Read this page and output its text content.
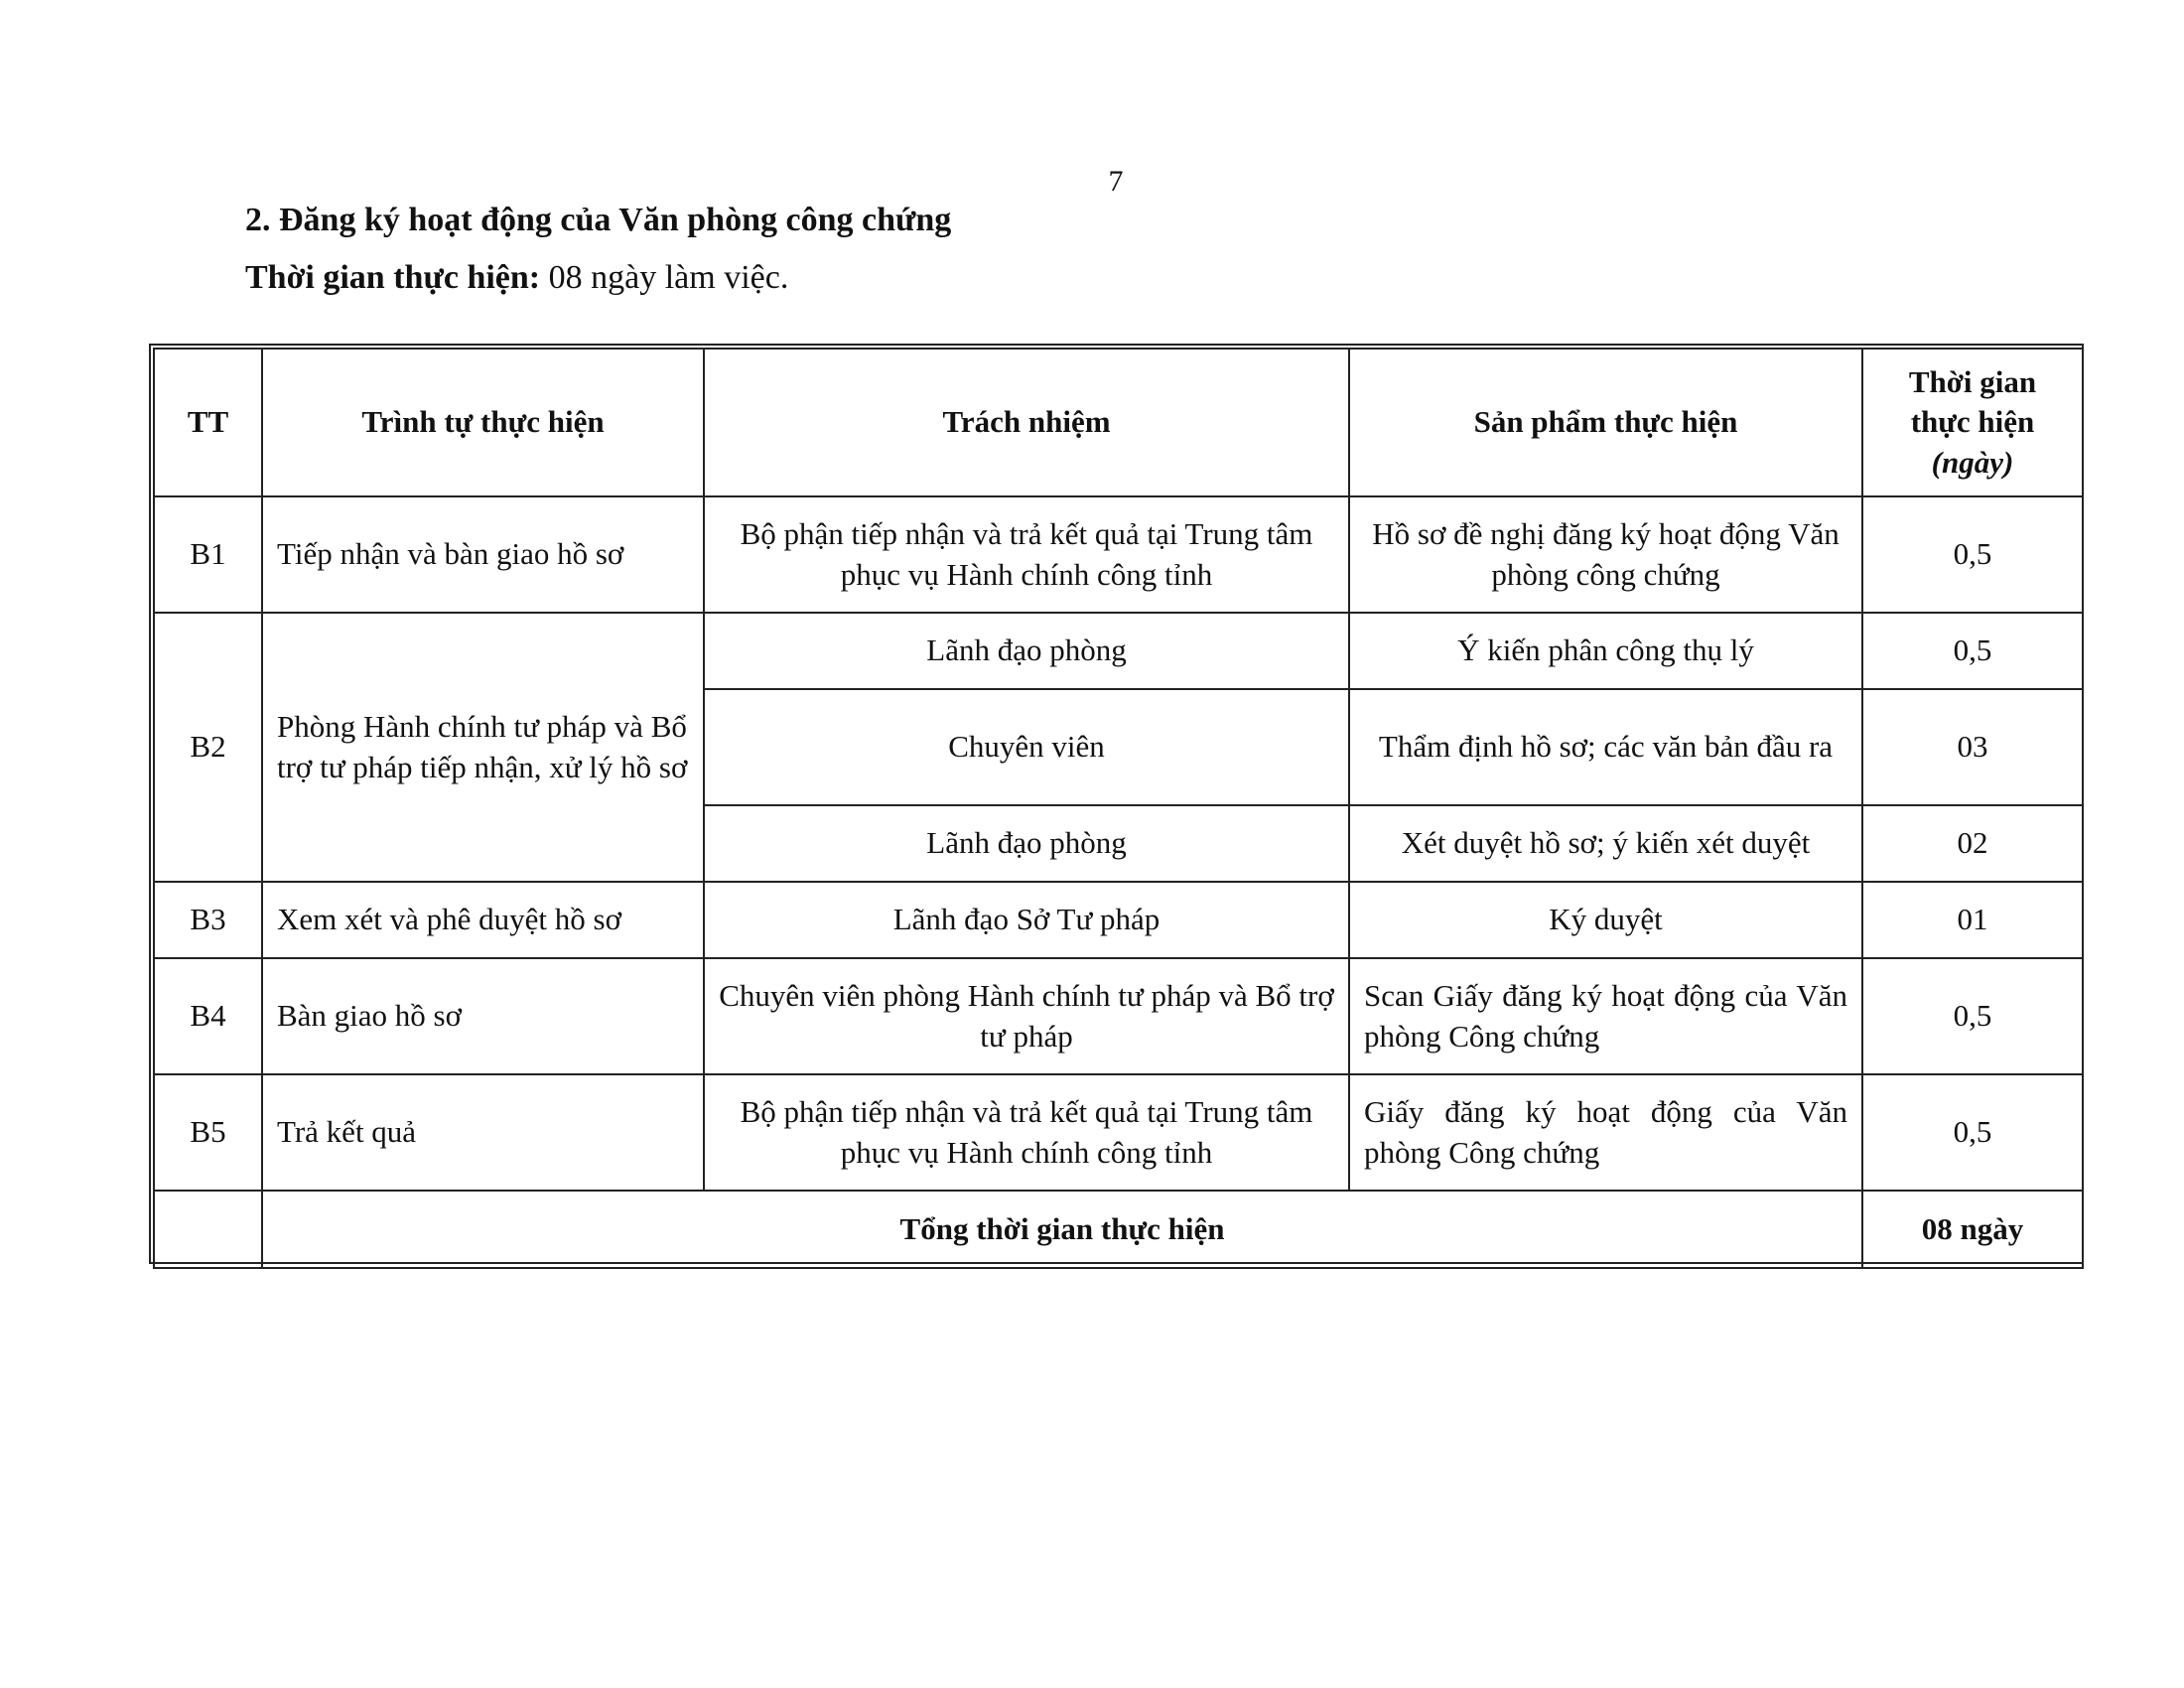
7
2. Đăng ký hoạt động của Văn phòng công chứng
Thời gian thực hiện: 08 ngày làm việc.
TT	Trình tự thực hiện	Trách nhiệm	Sản phẩm thực hiện	Thời gian
thực hiện
(ngày)

B1	Tiếp nhận và bàn giao hồ sơ	Bộ phận tiếp nhận và trả kết quả tại Trung tâm phục vụ Hành chính công tỉnh	Hồ sơ đề nghị đăng ký hoạt động Văn phòng công chứng	0,5
B2	Phòng Hành chính tư pháp và Bổ trợ tư pháp tiếp nhận, xử lý hồ sơ	Lãnh đạo phòng	Ý kiến phân công thụ lý	0,5
		Chuyên viên	Thẩm định hồ sơ; các văn bản đầu ra	03
		Lãnh đạo phòng	Xét duyệt hồ sơ; ý kiến xét duyệt	02
B3	Xem xét và phê duyệt hồ sơ	Lãnh đạo Sở Tư pháp	Ký duyệt	01
B4	Bàn giao hồ sơ	Chuyên viên phòng Hành chính tư pháp và Bổ trợ tư pháp	Scan Giấy đăng ký hoạt động của Văn phòng Công chứng	0,5
B5	Trả kết quả	Bộ phận tiếp nhận và trả kết quả tại Trung tâm phục vụ Hành chính công tỉnh	Giấy đăng ký hoạt động của Văn phòng Công chứng	0,5
	Tổng thời gian thực hiện			08 ngày
